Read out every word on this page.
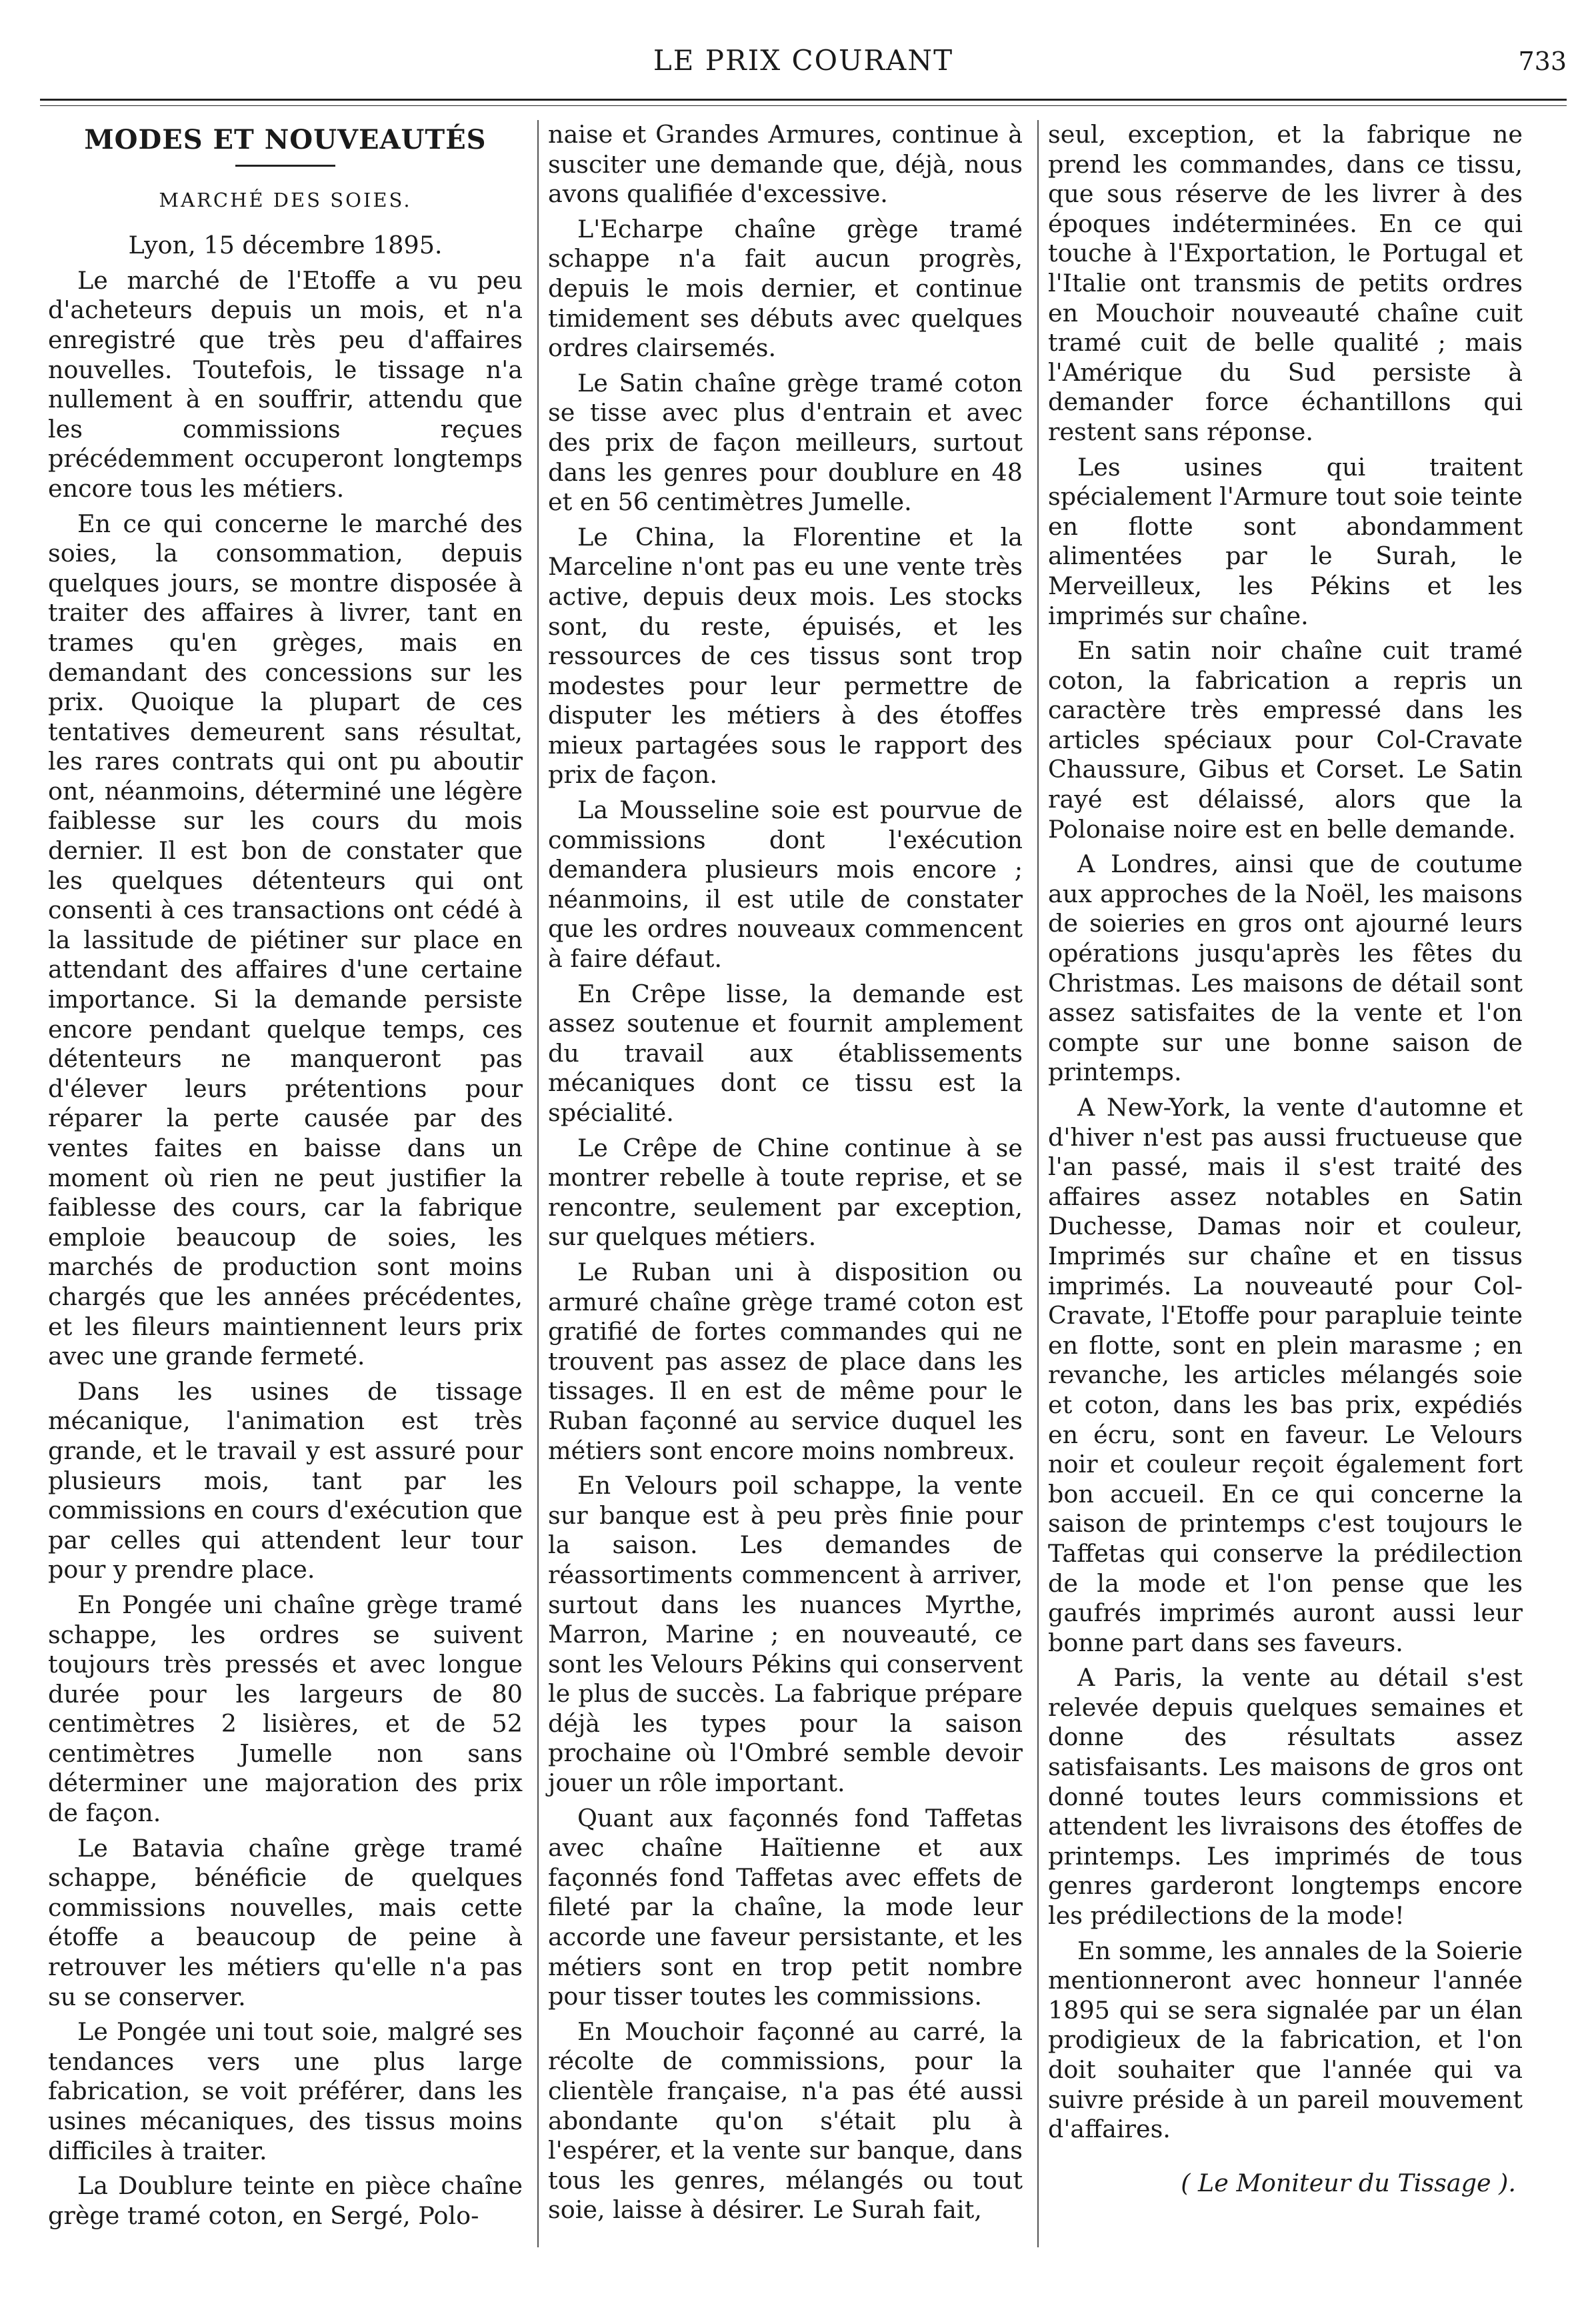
LE PRIX COURANT	733
MODES ET NOUVEAUTÉS
MARCHÉ DES SOIES.
Lyon, 15 décembre 1895.

Le marché de l'Etoffe a vu peu d'acheteurs depuis un mois, et n'a enregistré que très peu d'affaires nouvelles. Toutefois, le tissage n'a nullement à en souffrir, attendu que les commissions reçues précédemment occuperont longtemps encore tous les métiers.

En ce qui concerne le marché des soies, la consommation, depuis quelques jours, se montre disposée à traiter des affaires à livrer, tant en trames qu'en grèges, mais en demandant des concessions sur les prix. Quoique la plupart de ces tentatives demeurent sans résultat, les rares contrats qui ont pu aboutir ont, néanmoins, déterminé une légère faiblesse sur les cours du mois dernier. Il est bon de constater que les quelques détenteurs qui ont consenti à ces transactions ont cédé à la lassitude de piétiner sur place en attendant des affaires d'une certaine importance. Si la demande persiste encore pendant quelque temps, ces détenteurs ne manqueront pas d'élever leurs prétentions pour réparer la perte causée par des ventes faites en baisse dans un moment où rien ne peut justifier la faiblesse des cours, car la fabrique emploie beaucoup de soies, les marchés de production sont moins chargés que les années précédentes, et les fileurs maintiennent leurs prix avec une grande fermeté.

Dans les usines de tissage mécanique, l'animation est très grande, et le travail y est assuré pour plusieurs mois, tant par les commissions en cours d'exécution que par celles qui attendent leur tour pour y prendre place.

En Pongée uni chaîne grège tramé schappe, les ordres se suivent toujours très pressés et avec longue durée pour les largeurs de 80 centimètres 2 lisières, et de 52 centimètres Jumelle non sans déterminer une majoration des prix de façon.

Le Batavia chaîne grège tramé schappe, bénéficie de quelques commissions nouvelles, mais cette étoffe a beaucoup de peine à retrouver les métiers qu'elle n'a pas su se conserver.

Le Pongée uni tout soie, malgré ses tendances vers une plus large fabrication, se voit préférer, dans les usines mécaniques, des tissus moins difficiles à traiter.

La Doublure teinte en pièce chaîne grège tramé coton, en Sergé, Polo-

naise et Grandes Armures, continue à susciter une demande que, déjà, nous avons qualifiée d'excessive.

L'Echarpe chaîne grège tramé schappe n'a fait aucun progrès, depuis le mois dernier, et continue timidement ses débuts avec quelques ordres clairsemés.

Le Satin chaîne grège tramé coton se tisse avec plus d'entrain et avec des prix de façon meilleurs, surtout dans les genres pour doublure en 48 et en 56 centimètres Jumelle.

Le China, la Florentine et la Marceline n'ont pas eu une vente très active, depuis deux mois. Les stocks sont, du reste, épuisés, et les ressources de ces tissus sont trop modestes pour leur permettre de disputer les métiers à des étoffes mieux partagées sous le rapport des prix de façon.

La Mousseline soie est pourvue de commissions dont l'exécution demandera plusieurs mois encore ; néanmoins, il est utile de constater que les ordres nouveaux commencent à faire défaut.

En Crêpe lisse, la demande est assez soutenue et fournit amplement du travail aux établissements mécaniques dont ce tissu est la spécialité.

Le Crêpe de Chine continue à se montrer rebelle à toute reprise, et se rencontre, seulement par exception, sur quelques métiers.

Le Ruban uni à disposition ou armuré chaîne grège tramé coton est gratifié de fortes commandes qui ne trouvent pas assez de place dans les tissages. Il en est de même pour le Ruban façonné au service duquel les métiers sont encore moins nombreux.

En Velours poil schappe, la vente sur banque est à peu près finie pour la saison. Les demandes de réassortiments commencent à arriver, surtout dans les nuances Myrthe, Marron, Marine ; en nouveauté, ce sont les Velours Pékins qui conservent le plus de succès. La fabrique prépare déjà les types pour la saison prochaine où l'Ombré semble devoir jouer un rôle important.

Quant aux façonnés fond Taffetas avec chaîne Haïtienne et aux façonnés fond Taffetas avec effets de fileté par la chaîne, la mode leur accorde une faveur persistante, et les métiers sont en trop petit nombre pour tisser toutes les commissions.

En Mouchoir façonné au carré, la récolte de commissions, pour la clientèle française, n'a pas été aussi abondante qu'on s'était plu à l'espérer, et la vente sur banque, dans tous les genres, mélangés ou tout soie, laisse à désirer. Le Surah fait,

seul, exception, et la fabrique ne prend les commandes, dans ce tissu, que sous réserve de les livrer à des époques indéterminées. En ce qui touche à l'Exportation, le Portugal et l'Italie ont transmis de petits ordres en Mouchoir nouveauté chaîne cuit tramé cuit de belle qualité ; mais l'Amérique du Sud persiste à demander force échantillons qui restent sans réponse.

Les usines qui traitent spécialement l'Armure tout soie teinte en flotte sont abondamment alimentées par le Surah, le Merveilleux, les Pékins et les imprimés sur chaîne.

En satin noir chaîne cuit tramé coton, la fabrication a repris un caractère très empressé dans les articles spéciaux pour Col-Cravate Chaussure, Gibus et Corset. Le Satin rayé est délaissé, alors que la Polonaise noire est en belle demande.

A Londres, ainsi que de coutume aux approches de la Noël, les maisons de soieries en gros ont ajourné leurs opérations jusqu'après les fêtes du Christmas. Les maisons de détail sont assez satisfaites de la vente et l'on compte sur une bonne saison de printemps.

A New-York, la vente d'automne et d'hiver n'est pas aussi fructueuse que l'an passé, mais il s'est traité des affaires assez notables en Satin Duchesse, Damas noir et couleur, Imprimés sur chaîne et en tissus imprimés. La nouveauté pour Col-Cravate, l'Etoffe pour parapluie teinte en flotte, sont en plein marasme ; en revanche, les articles mélangés soie et coton, dans les bas prix, expédiés en écru, sont en faveur. Le Velours noir et couleur reçoit également fort bon accueil. En ce qui concerne la saison de printemps c'est toujours le Taffetas qui conserve la prédilection de la mode et l'on pense que les gaufrés imprimés auront aussi leur bonne part dans ses faveurs.

A Paris, la vente au détail s'est relevée depuis quelques semaines et donne des résultats assez satisfaisants. Les maisons de gros ont donné toutes leurs commissions et attendent les livraisons des étoffes de printemps. Les imprimés de tous genres garderont longtemps encore les prédilections de la mode!

En somme, les annales de la Soierie mentionneront avec honneur l'année 1895 qui se sera signalée par un élan prodigieux de la fabrication, et l'on doit souhaiter que l'année qui va suivre préside à un pareil mouvement d'affaires.

( Le Moniteur du Tissage ).
